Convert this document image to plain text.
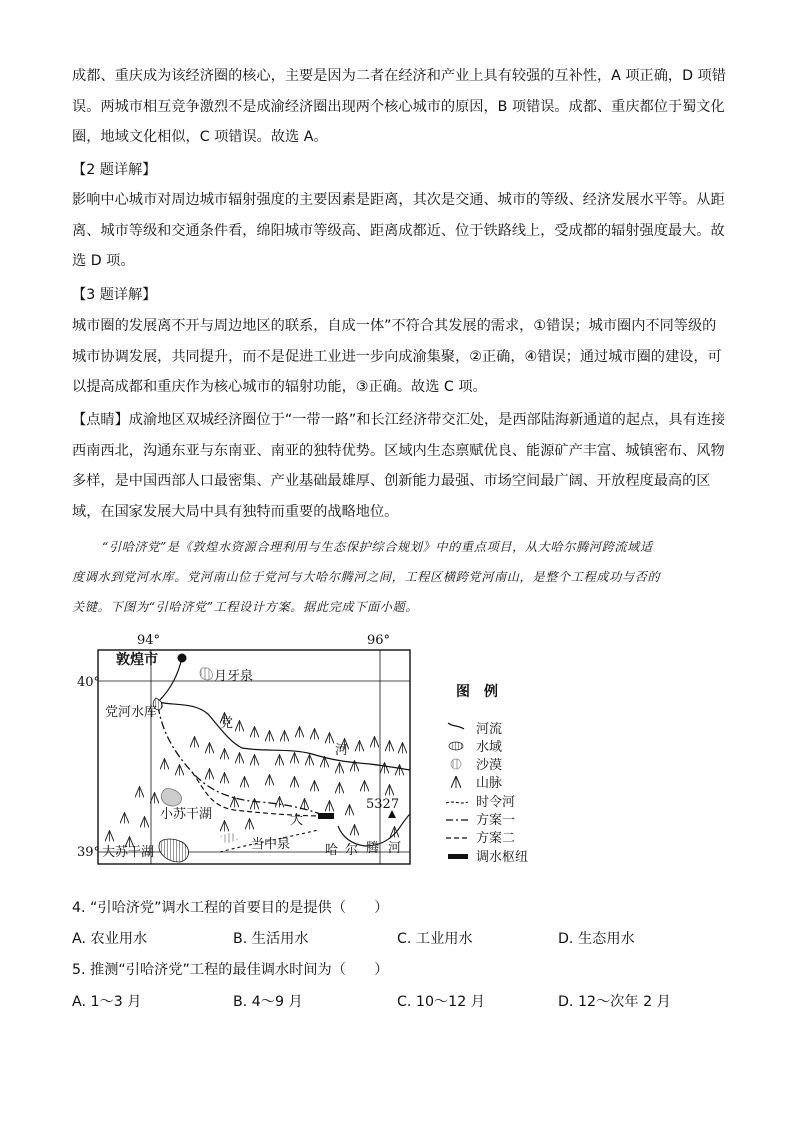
成都、重庆成为该经济圈的核心，主要是因为二者在经济和产业上具有较强的互补性，A 项正确，D 项错
误。两城市相互竞争激烈不是成渝经济圈出现两个核心城市的原因，B 项错误。成都、重庆都位于蜀文化
圈，地域文化相似，C 项错误。故选 A。
【2 题详解】
影响中心城市对周边城市辐射强度的主要因素是距离，其次是交通、城市的等级、经济发展水平等。从距
离、城市等级和交通条件看，绵阳城市等级高、距离成都近、位于铁路线上，受成都的辐射强度最大。故
选 D 项。
【3 题详解】
城市圈的发展离不开与周边地区的联系，自成一体”不符合其发展的需求，①错误；城市圈内不同等级的
城市协调发展，共同提升，而不是促进工业进一步向成渝集聚，②正确，④错误；通过城市圈的建设，可
以提高成都和重庆作为核心城市的辐射功能，③正确。故选 C 项。
【点睛】成渝地区双城经济圈位于“一带一路”和长江经济带交汇处，是西部陆海新通道的起点，具有连接
西南西北，沟通东亚与东南亚、南亚的独特优势。区域内生态禀赋优良、能源矿产丰富、城镇密布、风物
多样，是中国西部人口最密集、产业基础最雄厚、创新能力最强、市场空间最广阔、开放程度最高的区
域，在国家发展大局中具有独特而重要的战略地位。
“引哈济党”是《敦煌水资源合理利用与生态保护综合规划》中的重点项目，从大哈尔腾河跨流域适
度调水到党河水库。党河南山位于党河与大哈尔腾河之间，工程区横跨党河南山，是整个工程成功与否的
关键。下图为“引哈济党”工程设计方案。据此完成下面小题。
94°	96°
40°
39°
敦煌市
月牙泉
党河水库
党
河
小苏干湖
大苏干湖
当中泉
大
哈 尔 腾 河
5327
图　例
河流
水域
沙漠
山脉
时令河
方案一
方案二
调水枢纽
4. “引哈济党”调水工程的首要目的是提供（　　）
A. 农业用水	B. 生活用水	C. 工业用水	D. 生态用水
5. 推测“引哈济党”工程的最佳调水时间为（　　）
A. 1～3 月	B. 4～9 月	C. 10～12 月	D. 12～次年 2 月
